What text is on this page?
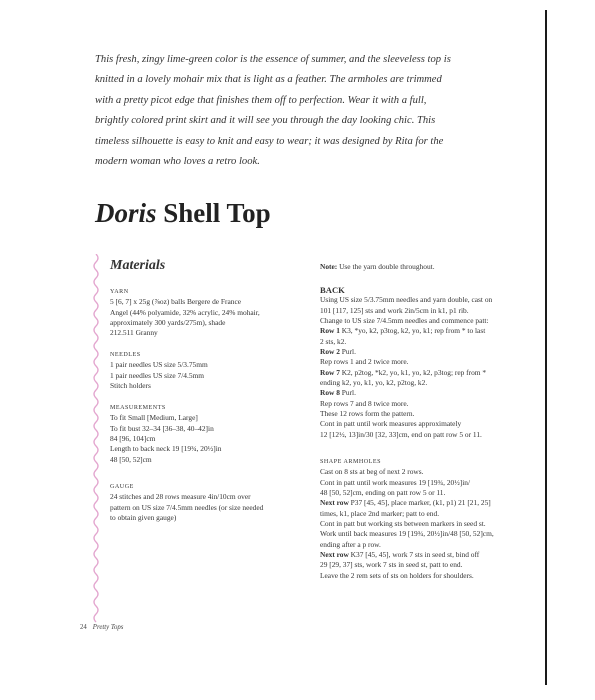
This fresh, zingy lime-green color is the essence of summer, and the sleeveless top is
knitted in a lovely mohair mix that is light as a feather. The armholes are trimmed
with a pretty picot edge that finishes them off to perfection. Wear it with a full,
brightly colored print skirt and it will see you through the day looking chic. This
timeless silhouette is easy to knit and easy to wear; it was designed by Rita for the
modern woman who loves a retro look.

Doris Shell Top
Materials
YARN
5 [6, 7] x 25g (⅞oz) balls Bergere de France
Angel (44% polyamide, 32% acrylic, 24% mohair,
approximately 300 yards/275m), shade
212.511 Granny
NEEDLES
1 pair needles US size 5/3.75mm
1 pair needles US size 7/4.5mm
Stitch holders
MEASUREMENTS
To fit Small [Medium, Large]
To fit bust 32–34 [36–38, 40–42]in
84 [96, 104]cm
Length to back neck 19 [19¾, 20½]in
48 [50, 52]cm
GAUGE
24 stitches and 28 rows measure 4in/10cm over
pattern on US size 7/4.5mm needles (or size needed
to obtain given gauge)
Note: Use the yarn double throughout.
BACK
Using US size 5/3.75mm needles and yarn double, cast on
101 [117, 125] sts and work 2in/5cm in k1, p1 rib.
Change to US size 7/4.5mm needles and commence patt:
Row 1 K3, *yo, k2, p3tog, k2, yo, k1; rep from * to last
2 sts, k2.
Row 2 Purl.
Rep rows 1 and 2 twice more.
Row 7 K2, p2tog, *k2, yo, k1, yo, k2, p3tog; rep from *
ending k2, yo, k1, yo, k2, p2tog, k2.
Row 8 Purl.
Rep rows 7 and 8 twice more.
These 12 rows form the pattern.
Cont in patt until work measures approximately
12 [12½, 13]in/30 [32, 33]cm, end on patt row 5 or 11.
SHAPE ARMHOLES
Cast on 8 sts at beg of next 2 rows.
Cont in patt until work measures 19 [19¾, 20½]in/
48 [50, 52]cm, ending on patt row 5 or 11.
Next row P37 [45, 45], place marker, (k1, p1) 21 [21, 25]
times, k1, place 2nd marker; patt to end.
Cont in patt but working sts between markers in seed st.
Work until back measures 19 [19¾, 20½]in/48 [50, 52]cm,
ending after a p row.
Next row K37 [45, 45], work 7 sts in seed st, bind off
29 [29, 37] sts, work 7 sts in seed st, patt to end.
Leave the 2 rem sets of sts on holders for shoulders.
24 Pretty Tops
